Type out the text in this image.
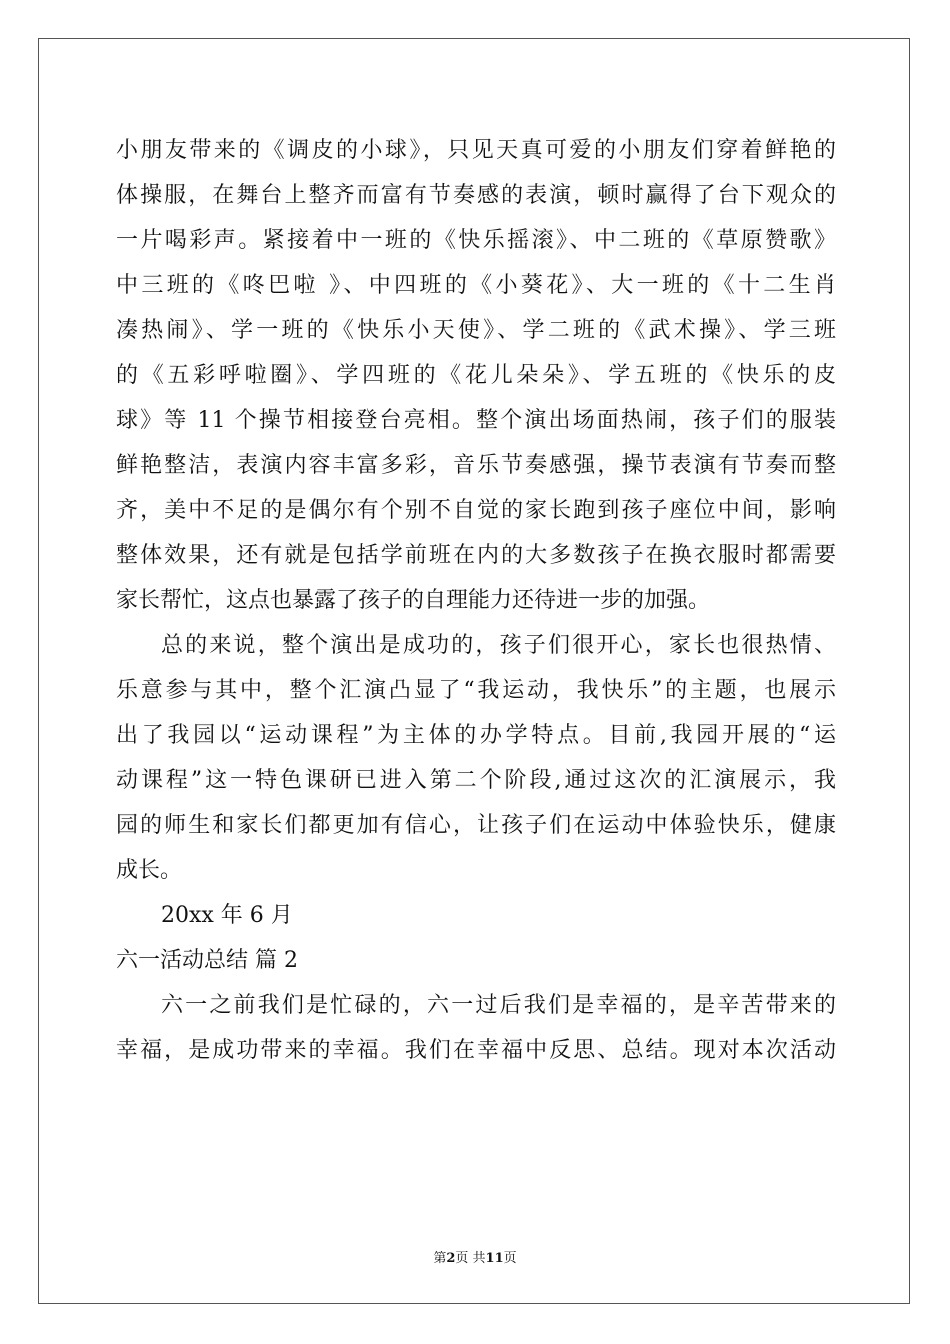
小朋友带来的《调皮的小球》，只见天真可爱的小朋友们穿着鲜艳的
体操服，在舞台上整齐而富有节奏感的表演，顿时赢得了台下观众的
一片喝彩声。紧接着中一班的《快乐摇滚》、中二班的《草原赞歌》
中三班的《咚巴啦 》、中四班的《小葵花》、大一班的《十二生肖
凑热闹》、学一班的《快乐小天使》、学二班的《武术操》、学三班
的《五彩呼啦圈》、学四班的《花儿朵朵》、学五班的《快乐的皮
球》等 11 个操节相接登台亮相。整个演出场面热闹，孩子们的服装
鲜艳整洁，表演内容丰富多彩，音乐节奏感强，操节表演有节奏而整
齐，美中不足的是偶尔有个别不自觉的家长跑到孩子座位中间，影响
整体效果，还有就是包括学前班在内的大多数孩子在换衣服时都需要
家长帮忙，这点也暴露了孩子的自理能力还待进一步的加强。
总的来说，整个演出是成功的，孩子们很开心，家长也很热情、
乐意参与其中，整个汇演凸显了“我运动，我快乐”的主题，也展示
出了我园以“运动课程”为主体的办学特点。目前,我园开展的“运
动课程”这一特色课研已进入第二个阶段,通过这次的汇演展示，我
园的师生和家长们都更加有信心，让孩子们在运动中体验快乐，健康
成长。
20xx 年 6 月
六一活动总结 篇 2
六一之前我们是忙碌的，六一过后我们是幸福的，是辛苦带来的
幸福，是成功带来的幸福。我们在幸福中反思、总结。现对本次活动
第2页 共11页
